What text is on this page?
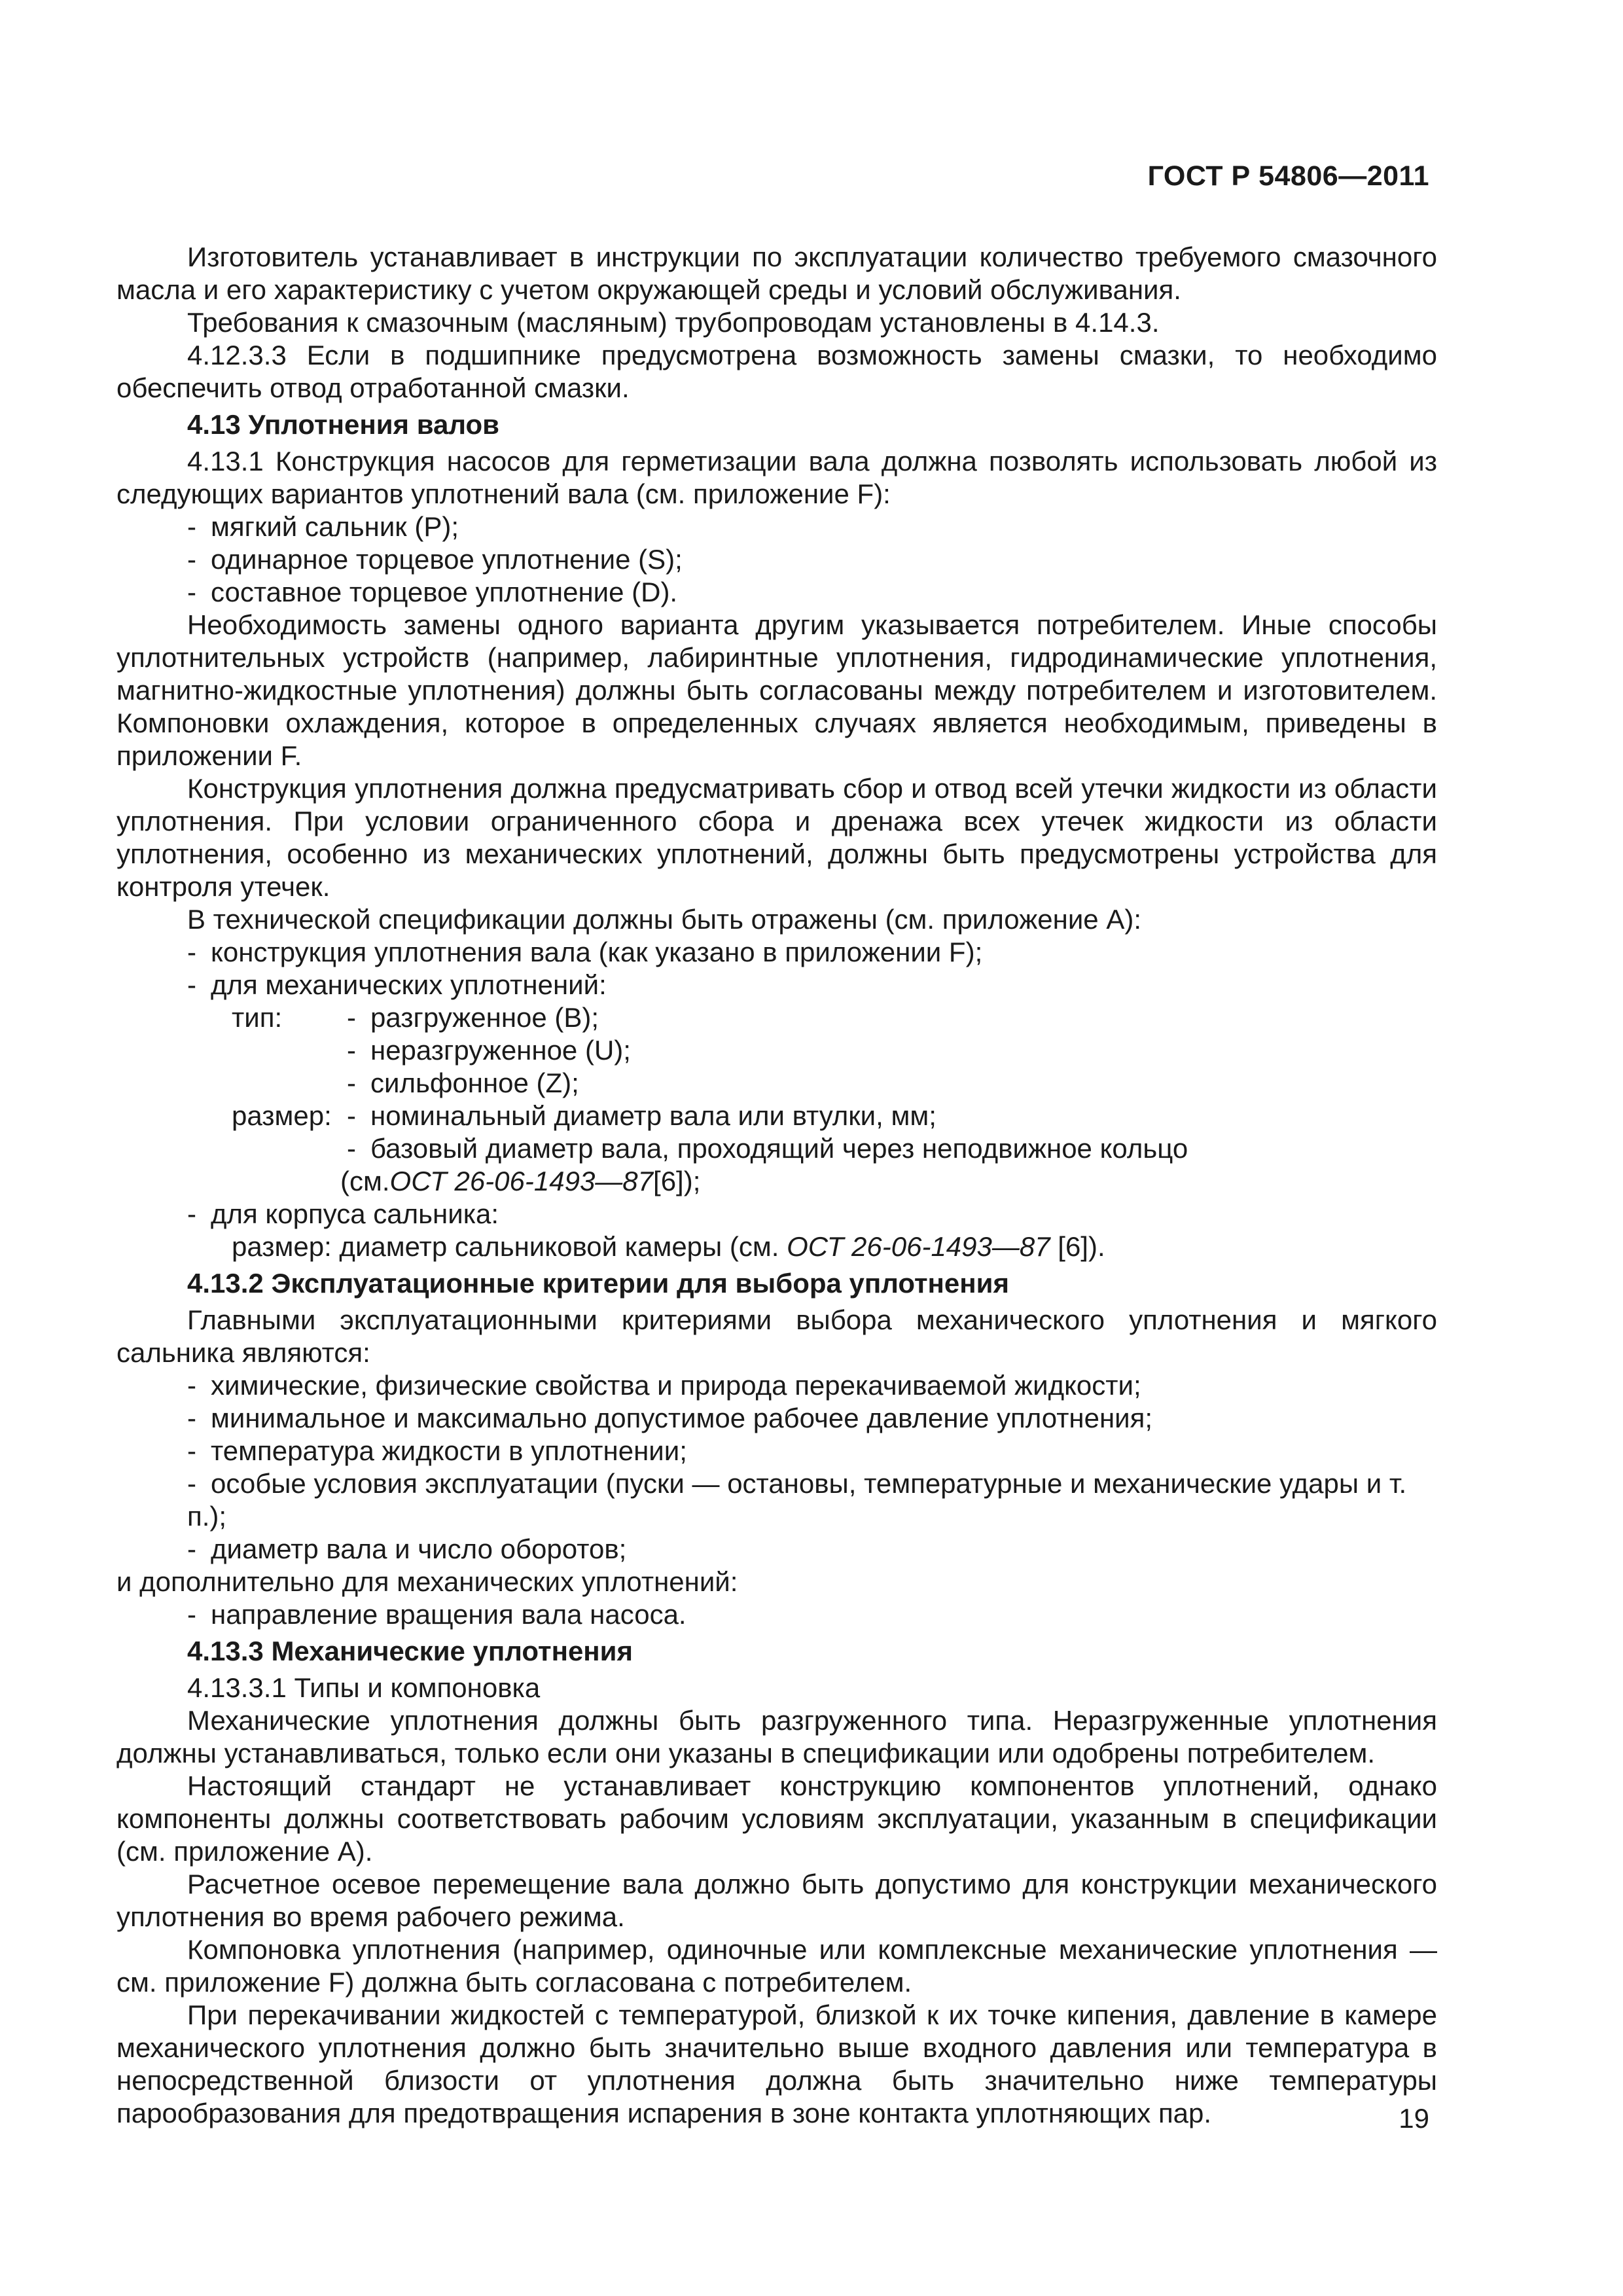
ГОСТ Р 54806—2011

Изготовитель устанавливает в инструкции по эксплуатации количество требуемого смазочного масла и его характеристику с учетом окружающей среды и условий обслуживания.

Требования к смазочным (масляным) трубопроводам установлены в 4.14.3.

4.12.3.3 Если в подшипнике предусмотрена возможность замены смазки, то необходимо обеспечить отвод отработанной смазки.

4.13 Уплотнения валов

4.13.1 Конструкция насосов для герметизации вала должна позволять использовать любой из следующих вариантов уплотнений вала (см. приложение F):

- мягкий сальник (Р);

- одинарное торцевое уплотнение (S);

- составное торцевое уплотнение (D).

Необходимость замены одного варианта другим указывается потребителем. Иные способы уплотнительных устройств (например, лабиринтные уплотнения, гидродинамические уплотнения, магнитно-жидкостные уплотнения) должны быть согласованы между потребителем и изготовителем. Компоновки охлаждения, которое в определенных случаях является необходимым, приведены в приложении F.

Конструкция уплотнения должна предусматривать сбор и отвод всей утечки жидкости из области уплотнения. При условии ограниченного сбора и дренажа всех утечек жидкости из области уплотнения, особенно из механических уплотнений, должны быть предусмотрены устройства для контроля утечек.

В технической спецификации должны быть отражены (см. приложение А):

- конструкция уплотнения вала (как указано в приложении F);

- для механических уплотнений:

тип:	- разгруженное (В);
- неразгруженное (U);
- сильфонное (Z);
размер: - номинальный диаметр вала или втулки, мм;
- базовый диаметр вала, проходящий через неподвижное кольцо

(см. ОСТ 26-06-1493—87 [6]);

- для корпуса сальника:

размер: диаметр сальниковой камеры (см. ОСТ 26-06-1493—87 [6]).

4.13.2 Эксплуатационные критерии для выбора уплотнения

Главными эксплуатационными критериями выбора механического уплотнения и мягкого сальника являются:

- химические, физические свойства и природа перекачиваемой жидкости;

- минимальное и максимально допустимое рабочее давление уплотнения;

- температура жидкости в уплотнении;

- особые условия эксплуатации (пуски — остановы, температурные и механические удары и т. п.);

- диаметр вала и число оборотов;

и дополнительно для механических уплотнений:

- направление вращения вала насоса.

4.13.3 Механические уплотнения

4.13.3.1 Типы и компоновка

Механические уплотнения должны быть разгруженного типа. Неразгруженные уплотнения должны устанавливаться, только если они указаны в спецификации или одобрены потребителем.

Настоящий стандарт не устанавливает конструкцию компонентов уплотнений, однако компоненты должны соответствовать рабочим условиям эксплуатации, указанным в спецификации (см. приложение А).

Расчетное осевое перемещение вала должно быть допустимо для конструкции механического уплотнения во время рабочего режима.

Компоновка уплотнения (например, одиночные или комплексные механические уплотнения — см. приложение F) должна быть согласована с потребителем.

При перекачивании жидкостей с температурой, близкой к их точке кипения, давление в камере механического уплотнения должно быть значительно выше входного давления или температура в непосредственной близости от уплотнения должна быть значительно ниже температуры парообразования для предотвращения испарения в зоне контакта уплотняющих пар.	19
